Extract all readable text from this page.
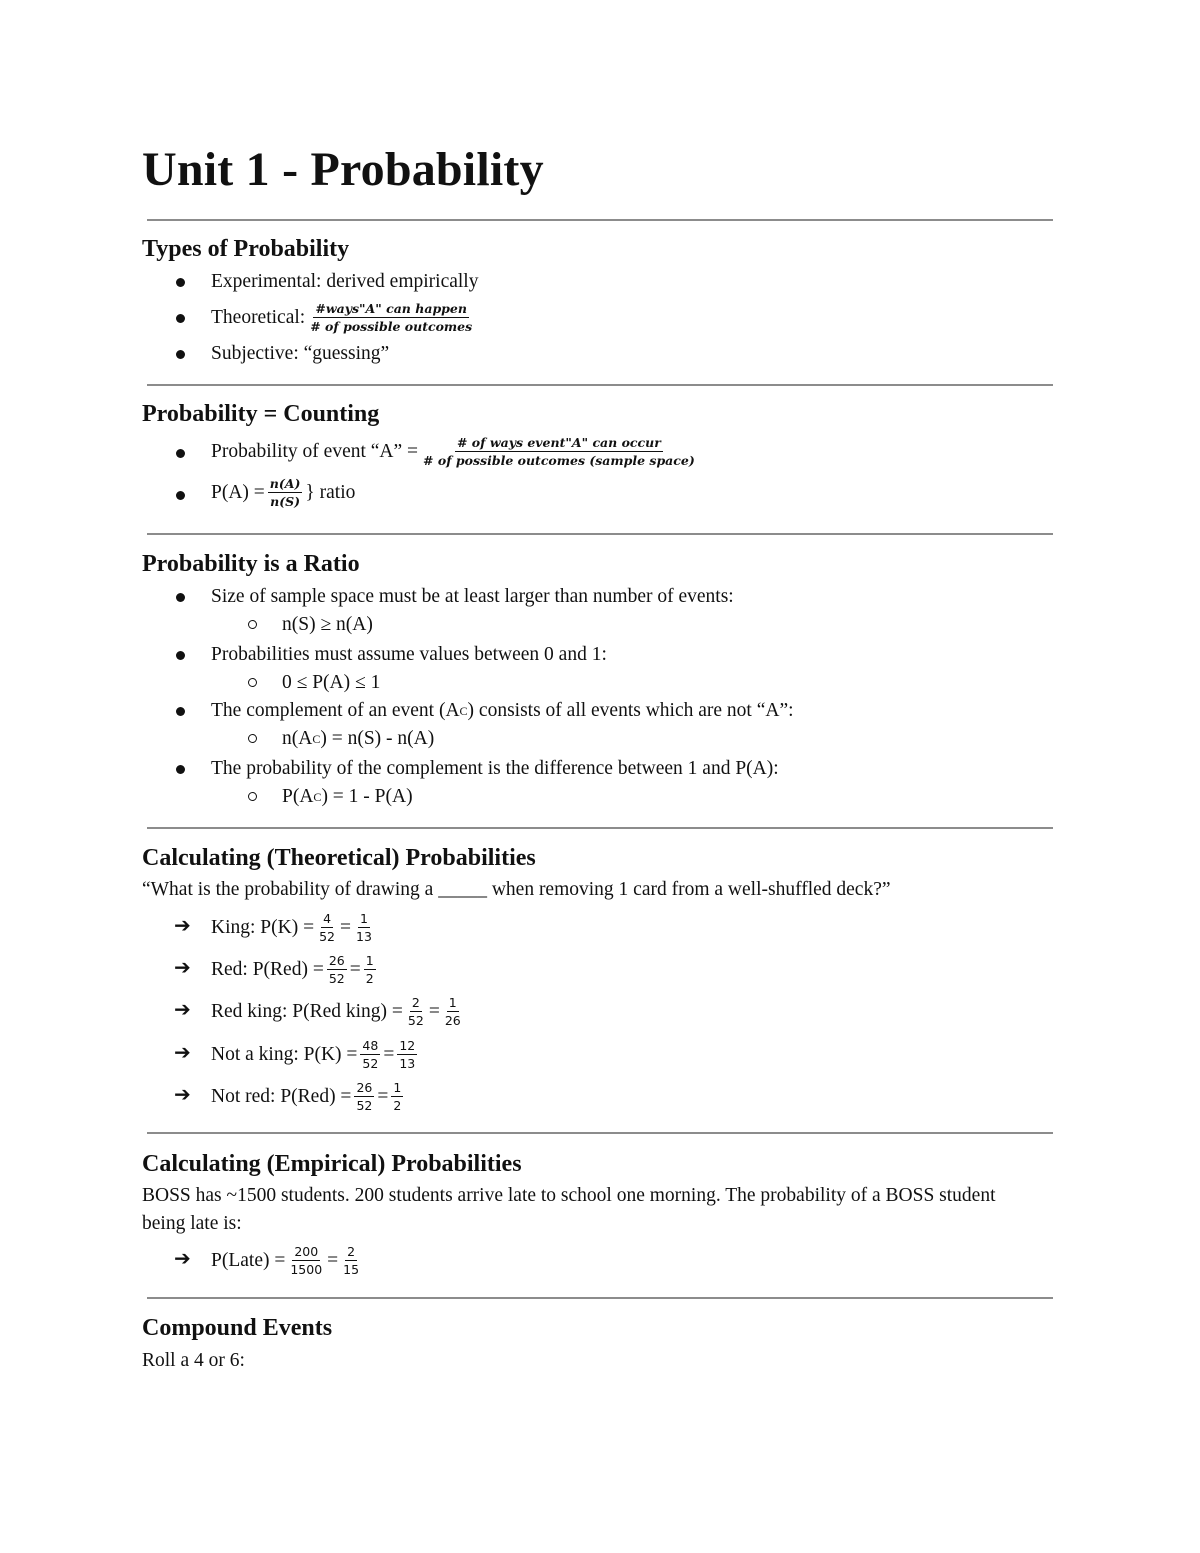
Unit 1 - Probability
Types of Probability
Experimental: derived empirically
Theoretical: $\frac{\text{\#ways"A" can happen}}{\text{\# of possible outcomes}}$
Subjective: “guessing”
Probability = Counting
Probability of event “A” = $\frac{\text{\# of ways event"A" can occur}}{\text{\# of possible outcomes (sample space)}}$
$P(A) = \frac{n(A)}{n(S)}$ } ratio
Probability is a Ratio
Size of sample space must be at least larger than number of events:
n(S) ≥ n(A)
Probabilities must assume values between 0 and 1:
0 ≤ P(A) ≤ 1
The complement of an event (A C ) consists of all events which are not “A”:
n(A C ) = n(S) - n(A)
The probability of the complement is the difference between 1 and P(A):
P(A C ) = 1 - P(A)
Calculating (Theoretical) Probabilities
“What is the probability of drawing a _____ when removing 1 card from a well-shuffled deck?”
➔ King: $P(K) = \frac{4}{52} = \frac{1}{13}$
➔ Red: $P(Red) = \frac{26}{52} = \frac{1}{2}$
➔ Red king: P(Red king) = $\frac{2}{52} = \frac{1}{26}$
➔ Not a king: $P(K) = \frac{48}{52} = \frac{12}{13}$
➔ Not red: $P(Red) = \frac{26}{52} = \frac{1}{2}$
Calculating (Empirical) Probabilities
BOSS has ~1500 students. 200 students arrive late to school one morning. The probability of a BOSS student being late is:
➔ P(Late) = $\frac{200}{1500} = \frac{2}{15}$
Compound Events
Roll a 4 or 6:
